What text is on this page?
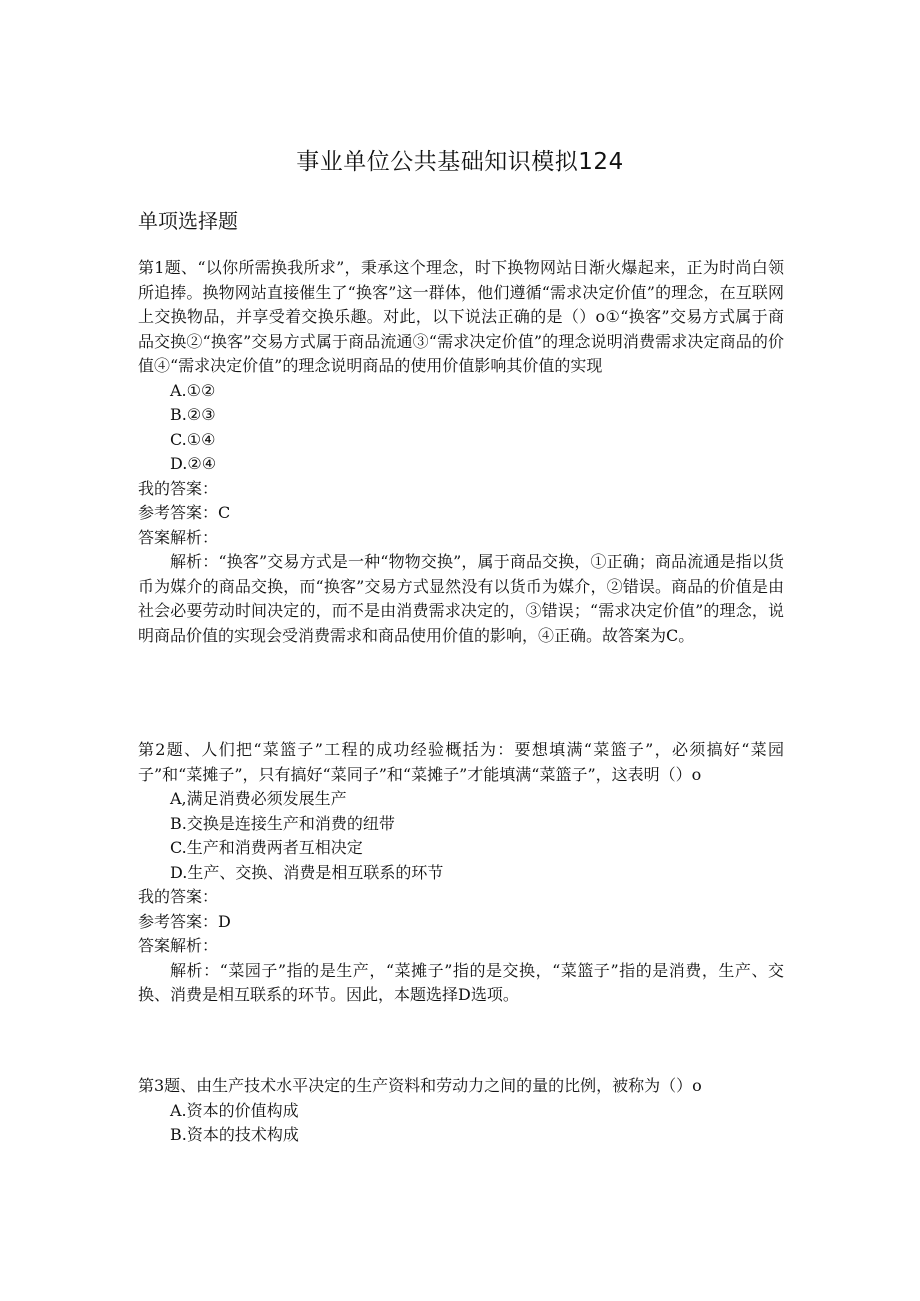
事业单位公共基础知识模拟124
单项选择题
第1题、“以你所需换我所求”，秉承这个理念，时下换物网站日渐火爆起来，正为时尚白领所追捧。换物网站直接催生了“换客”这一群体，他们遵循“需求决定价值”的理念，在互联网上交换物品，并享受着交换乐趣。对此，以下说法正确的是（）o①“换客”交易方式属于商品交换②“换客”交易方式属于商品流通③“需求决定价值”的理念说明消费需求决定商品的价值④“需求决定价值”的理念说明商品的使用价值影响其价值的实现
A.①②
B.②③
C.①④
D.②④
我的答案：
参考答案：C
答案解析：
解析：“换客”交易方式是一种“物物交换”，属于商品交换，①正确；商品流通是指以货币为媒介的商品交换，而“换客”交易方式显然没有以货币为媒介，②错误。商品的价值是由社会必要劳动时间决定的，而不是由消费需求决定的，③错误；“需求决定价值”的理念，说明商品价值的实现会受消费需求和商品使用价值的影响，④正确。故答案为C。
第2题、人们把“菜篮子”工程的成功经验概括为：要想填满“菜篮子”，必须搞好“菜园子”和“菜摊子”，只有搞好“菜同子”和“菜摊子”才能填满“菜篮子”，这表明（）o
A,满足消费必须发展生产
B.交换是连接生产和消费的纽带
C.生产和消费两者互相决定
D.生产、交换、消费是相互联系的环节
我的答案：
参考答案：D
答案解析：
解析：“菜园子”指的是生产，“菜摊子”指的是交换，“菜篮子”指的是消费，生产、交换、消费是相互联系的环节。因此，本题选择D选项。
第3题、由生产技术水平决定的生产资料和劳动力之间的量的比例，被称为（）o
A.资本的价值构成
B.资本的技术构成
